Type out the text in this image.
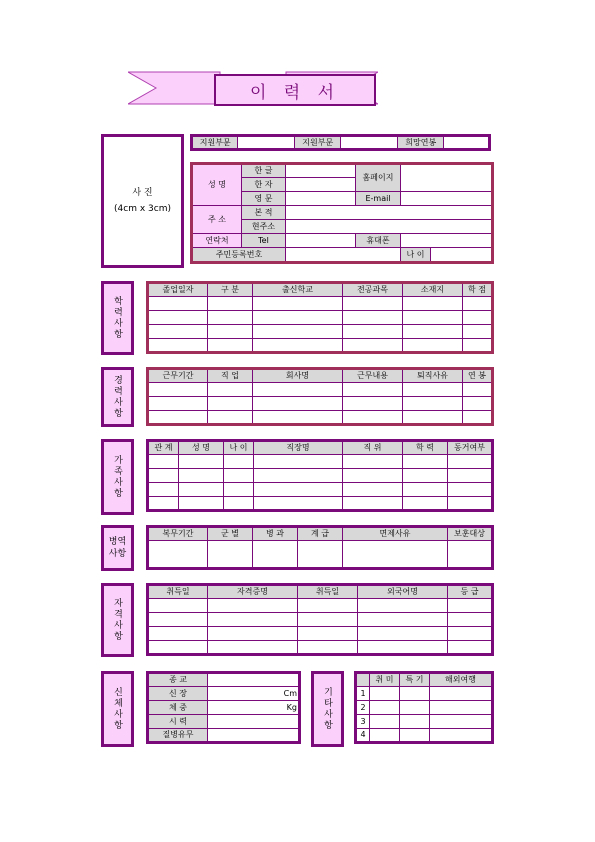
이 력 서
사 진
(4cm x 3cm)
지원부문		지원부문		희망연봉	
성 명	한 글		홈페이지	
	한 자			
	영 문		E-mail	
주 소	본 적			
	현주소			
연락처	Tel		휴대폰	
주민등록번호				나 이
학력사항
졸업일자	구 분	출신학교	전공과목	소재지	학 점

경력사항	근무기간	직 업	회사명	근무내용	퇴직사유	연 봉

가족사항
관 계	성 명	나 이	직장명	직 위	학 력	동거여부

병역사항
복무기간	군 별	병 과	계 급	면제사유	보훈대상

자격사항
취득일	자격증명	취득일	외국어명	등 급

신체사항
종 교	
신 장	Cm
체 중	Kg
시 력	
질병유무	
기타사항
	취 미	특 기	해외여행
1			
2			
3			
4			
